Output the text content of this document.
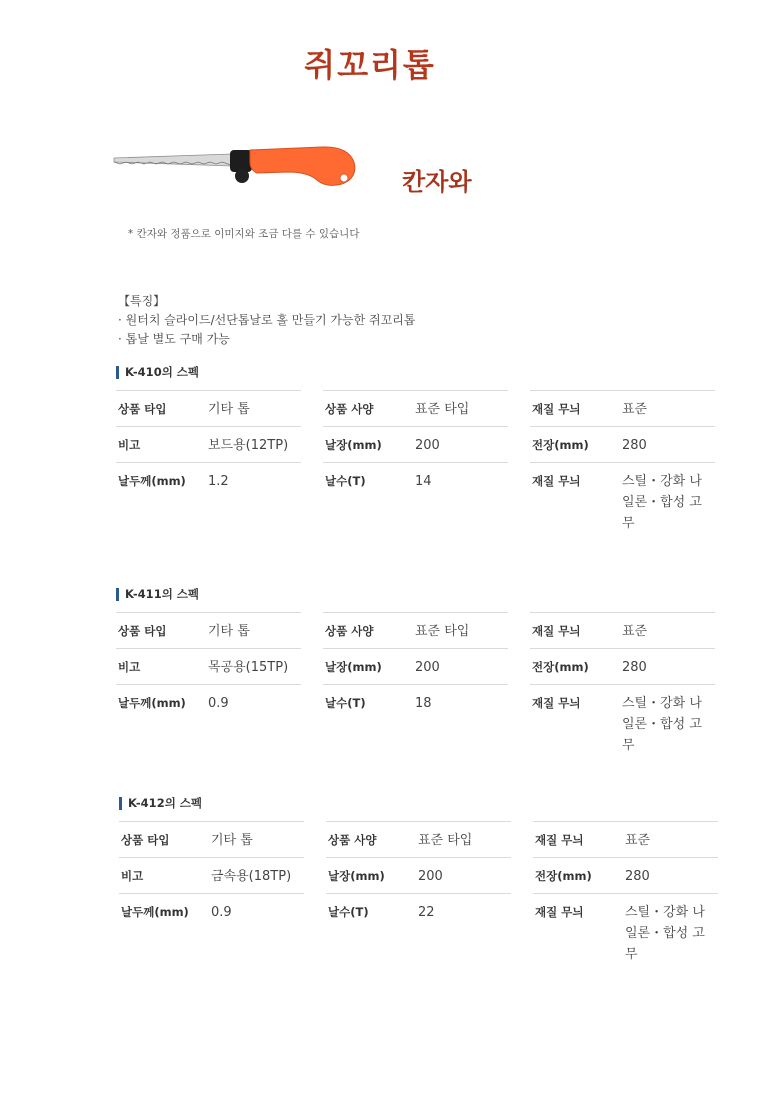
쥐꼬리톱
칸자와
* 칸자와 정품으로 이미지와 조금 다를 수 있습니다
【특징】
· 원터치 슬라이드/선단톱날로 홀 만들기 가능한 쥐꼬리톱
· 톱날 별도 구매 가능
K-410의 스펙
상품 타입	기타 톱
비고	보드용(12TP)
날두께(mm) 1.2
상품 사양	표준 타입
날장(mm)	200
날수(T)	14
재질 무늬	표준
전장(mm)	280
재질 무늬	스틸・강화 나일론・합성 고무
K-411의 스펙
상품 타입	기타 톱
비고	목공용(15TP)
날두께(mm) 0.9
상품 사양	표준 타입
날장(mm)	200
날수(T)	18
재질 무늬	표준
전장(mm)	280
재질 무늬	스틸・강화 나일론・합성 고무
K-412의 스펙
상품 타입	기타 톱
비고	금속용(18TP)
날두께(mm) 0.9
상품 사양	표준 타입
날장(mm)	200
날수(T)	22
재질 무늬	표준
전장(mm)	280
재질 무늬	스틸・강화 나일론・합성 고무
